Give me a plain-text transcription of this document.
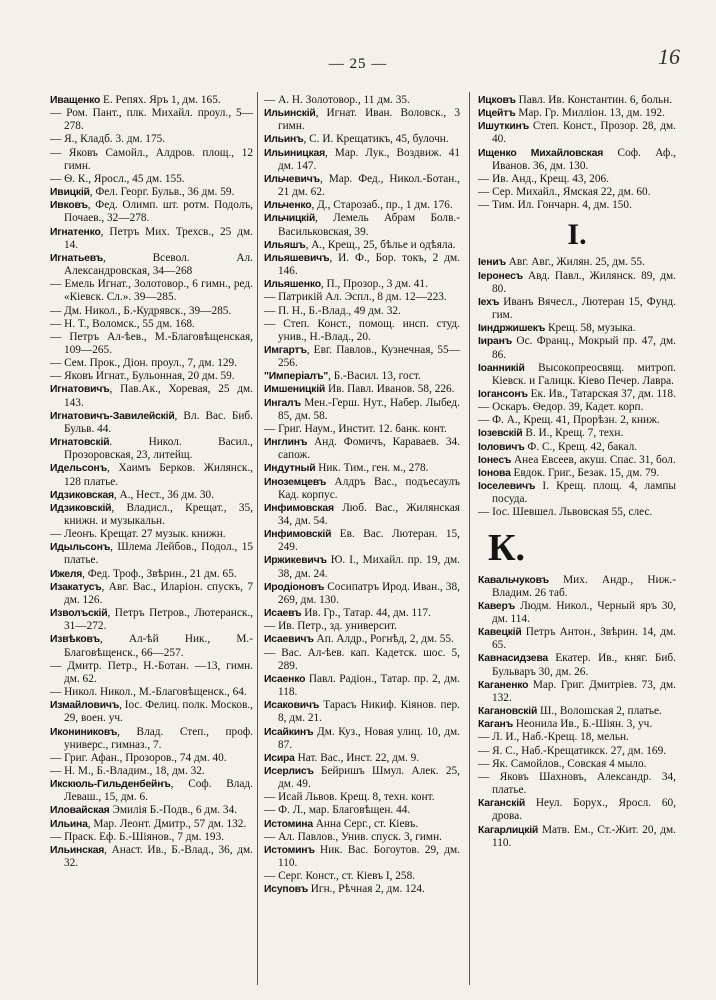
— 25 —	16
Иващенко Е. Репях. Яръ 1, дм. 165.
— Ром. Пант., плк. Михайл. проул., 5—278.
— Я., Кладб. 3. дм. 175.
— Яковъ Самойл., Алдров. площ., 12 гимн.
— Ѳ. К., Яросл., 45 дм. 155.
Ивицкій, Фел. Георг. Бульв., 36 дм. 59.
Ивковъ, Фед. Олимп. шт. ротм. Подолъ, Почаев., 32—278.
Игнатенко, Петръ Мих. Трехсв., 25 дм. 14.
Игнатьевъ, Всевол. Ал. Александровская, 34—268
— Емель Игнат., Золотовор., 6 гимн., ред. «Кіевск. Сл.». 39—285.
— Дм. Никол., Б.-Кудрявск., 39—285.
— Н. Т., Воломск., 55 дм. 168.
— Петръ Ал-ѣев., М.-Благовѣщенская, 109—265.
— Сем. Прок., Діон. проул., 7, дм. 129.
— Яковъ Игнат., Бульонная, 20 дм. 59.
Игнатовичъ, Пав.Ак., Хоревая, 25 дм. 143.
Игнатовичъ-Завилейскій, Вл. Вас. Биб. Бульв. 44.
Игнатовскій. Никол. Васил., Прозоровская, 23, литейщ.
Идельсонъ, Хаимъ Берков. Жилянск., 128 платье.
Идзиковская, А., Нест., 36 дм. 30.
Идзиковскій, Владисл., Крещат., 35, книжн. и музыкальн.
— Леонъ. Крещат. 27 музык. книжн.
Идыльсонъ, Шлема Лейбов., Подол., 15 платье.
Ижеля, Фед. Троф., Звѣрин., 21 дм. 65.
Изакатусъ, Авг. Вас., Иларіон. спускъ, 7 дм. 126.
Изволъскій, Петръ Петров., Лютеранск., 31—272.
Извѣковъ, Ал-ѣй Ник., М.-Благовѣщенск., 66—257.
— Дмитр. Петр., Н.-Ботан. —13, гимн. дм. 62.
— Никол. Никол., М.-Благовѣщенск., 64.
Измайловичъ, Іос. Фелиц. полк. Москов., 29, воен. уч.
Икониниковъ, Влад. Степ., проф. универс., гимназ., 7.
— Григ. Афан., Прозоров., 74 дм. 40.
— Н. М., Б.-Владим., 18, дм. 32.
Икскюль-Гильденбейнъ, Соф. Влад. Леваш., 15, дм. 6.
Иловайская Эмилія Б.-Подв., 6 дм. 34.
Ильина, Мар. Леонт. Дмитр., 57 дм. 132.
— Праск. Еф. Б.-Шіянов., 7 дм. 193.
Ильинская, Анаст. Ив., Б.-Влад., 36, дм. 32.
— А. Н. Золотовор., 11 дм. 35.
Ильинскій, Игнат. Иван. Воловск., 3 гимн.
Ильинъ, С. И. Крещатикъ, 45, булочн.
Ильиницкая, Мар. Лук., Воздвиж. 41 дм. 147.
Ильчевичъ, Мар. Фед., Никол.-Ботан., 21 дм. 62.
Ильченко, Д., Старозаб., пр., 1 дм. 176.
Ильчицкій, Лемель Абрам Болв.-Васильковская, 39.
Ильяшъ, А., Крещ., 25, бѣлье и одѣяла.
Ильяшевичъ, И. Ф., Бор. токъ, 2 дм. 146.
Ильяшенко, П., Прозор., 3 дм. 41.
— Патрикій Ал. Эспл., 8 дм. 12—223.
— П. Н., Б.-Влад., 49 дм. 32.
— Степ. Конст., помощ. инсп. студ. унив., Н.-Влад., 20.
Имгартъ, Евг. Павлов., Кузнечная, 55—256.
"Имперіалъ", Б.-Васил. 13, гост.
Имшеницкій Ив. Павл. Иванов. 58, 226.
Ингалъ Мен.-Герш. Нут., Набер. Лыбед. 85, дм. 58.
— Григ. Наум., Инстит. 12. банк. конт.
Инглинъ Анд. Фомичъ, Караваев. 34. сапож.
Индутный Ник. Тим., ген. м., 278.
Иноземцевъ Алдръ Вас., подъесаулъ Кад. корпус.
Инфимовская Люб. Вас., Жилянская 34, дм. 54.
Инфимовскій Ев. Вас. Лютеран. 15, 249.
Иржикевичъ Ю. І., Михайл. пр. 19, дм. 38, дм. 24.
Иродіоновъ Сосипатръ Ирод. Иван., 38, 269, дм. 130.
Исаевъ Ив. Гр., Татар. 44, дм. 117.
— Ив. Петр., зд. университ.
Исаевичъ Ап. Алдр., Рогнѣд, 2, дм. 55.
— Вас. Ал-ѣев. кап. Кадетск. шос. 5, 289.
Исаенко Павл. Радіон., Татар. пр. 2, дм. 118.
Исаковичъ Тарасъ Никиф. Кіянов. пер. 8, дм. 21.
Исайкинъ Дм. Куз., Новая улиц. 10, дм. 87.
Исира Нат. Вас., Инст. 22, дм. 9.
Исерлисъ Бейришъ Шмул. Алек. 25, дм. 49.
— Исай Львов. Крещ. 8, техн. конт.
— Ф. Л., мар. Благовѣщен. 44.
Истомина Анна Серг., ст. Кіевъ.
— Ал. Павлов., Унив. спуск. 3, гимн.
Истоминъ Ник. Вас. Богоутов. 29, дм. 110.
— Серг. Конст., ст. Кіевъ I, 258.
Исуповъ Игн., Рѣчная 2, дм. 124.
Ицковъ Павл. Ив. Константин. 6, больн.
Ицейтъ Мар. Гр. Милліон. 13, дм. 192.
Ишуткинъ Степ. Конст., Прозор. 28, дм. 40.
Ищенко Михайловская Соф. Аф., Иванов. 36, дм. 130.
— Ив. Анд., Крещ. 43, 206.
— Сер. Михайл., Ямская 22, дм. 60.
— Тим. Ил. Гончарн. 4, дм. 150.
I.
Іениъ Авг. Авг., Жилян. 25, дм. 55.
Іеронесъ Авд. Павл., Жилянск. 89, дм. 80.
Іехъ Иванъ Вячесл., Лютеран 15, Фунд. гим.
Іиндржишекъ Крещ. 58, музыка.
Іиранъ Ос. Франц., Мокрый пр. 47, дм. 86.
Іоанникій Высокопреосвящ. митроп. Кіевск. и Галицк. Кіево Печер. Лавра.
Іогансонъ Ек. Ив., Татарская 37, дм. 118.
— Оскаръ. Ѳедор. 39, Кадет. корп.
— Ф. А., Крещ. 41, Прорѣзн. 2, книж.
Іозевскій В. И., Крещ. 7, техн.
Іоловичъ Ф. С., Крещ. 42, бакал.
Іонесъ Анеа Евсеев, акуш. Спас. 31, бол.
Іонова Евдок. Григ., Безак. 15, дм. 79.
Іоселевичъ I. Крещ. площ. 4, лампы посуда.
— Іос. Шевшел. Львовская 55, слес.
К.
Кавальчуковъ Мих. Андр., Ниж.-Владим. 26 таб.
Каверъ Людм. Никол., Черный яръ 30, дм. 114.
Кавецкій Петръ Антон., Звѣрин. 14, дм. 65.
Кавнасидзева Екатер. Ив., княг. Биб. Бульваръ 30, дм. 26.
Каганенко Мар. Григ. Дмитріев. 73, дм. 132.
Кагановскій Ш., Волошская 2, платье.
Каганъ Неонила Ив., Б.-Шіян. 3, уч.
— Л. И., Наб.-Крещ. 18, мельн.
— Я. С., Наб.-Крещатикск. 27, дм. 169.
— Як. Самойлов., Совская 4 мыло.
— Яковъ Шахновъ, Александр. 34, платье.
Каганскій Неул. Борух., Яросл. 60, дрова.
Кагарлицкій Матв. Ем., Ст.-Жит. 20, дм. 110.
